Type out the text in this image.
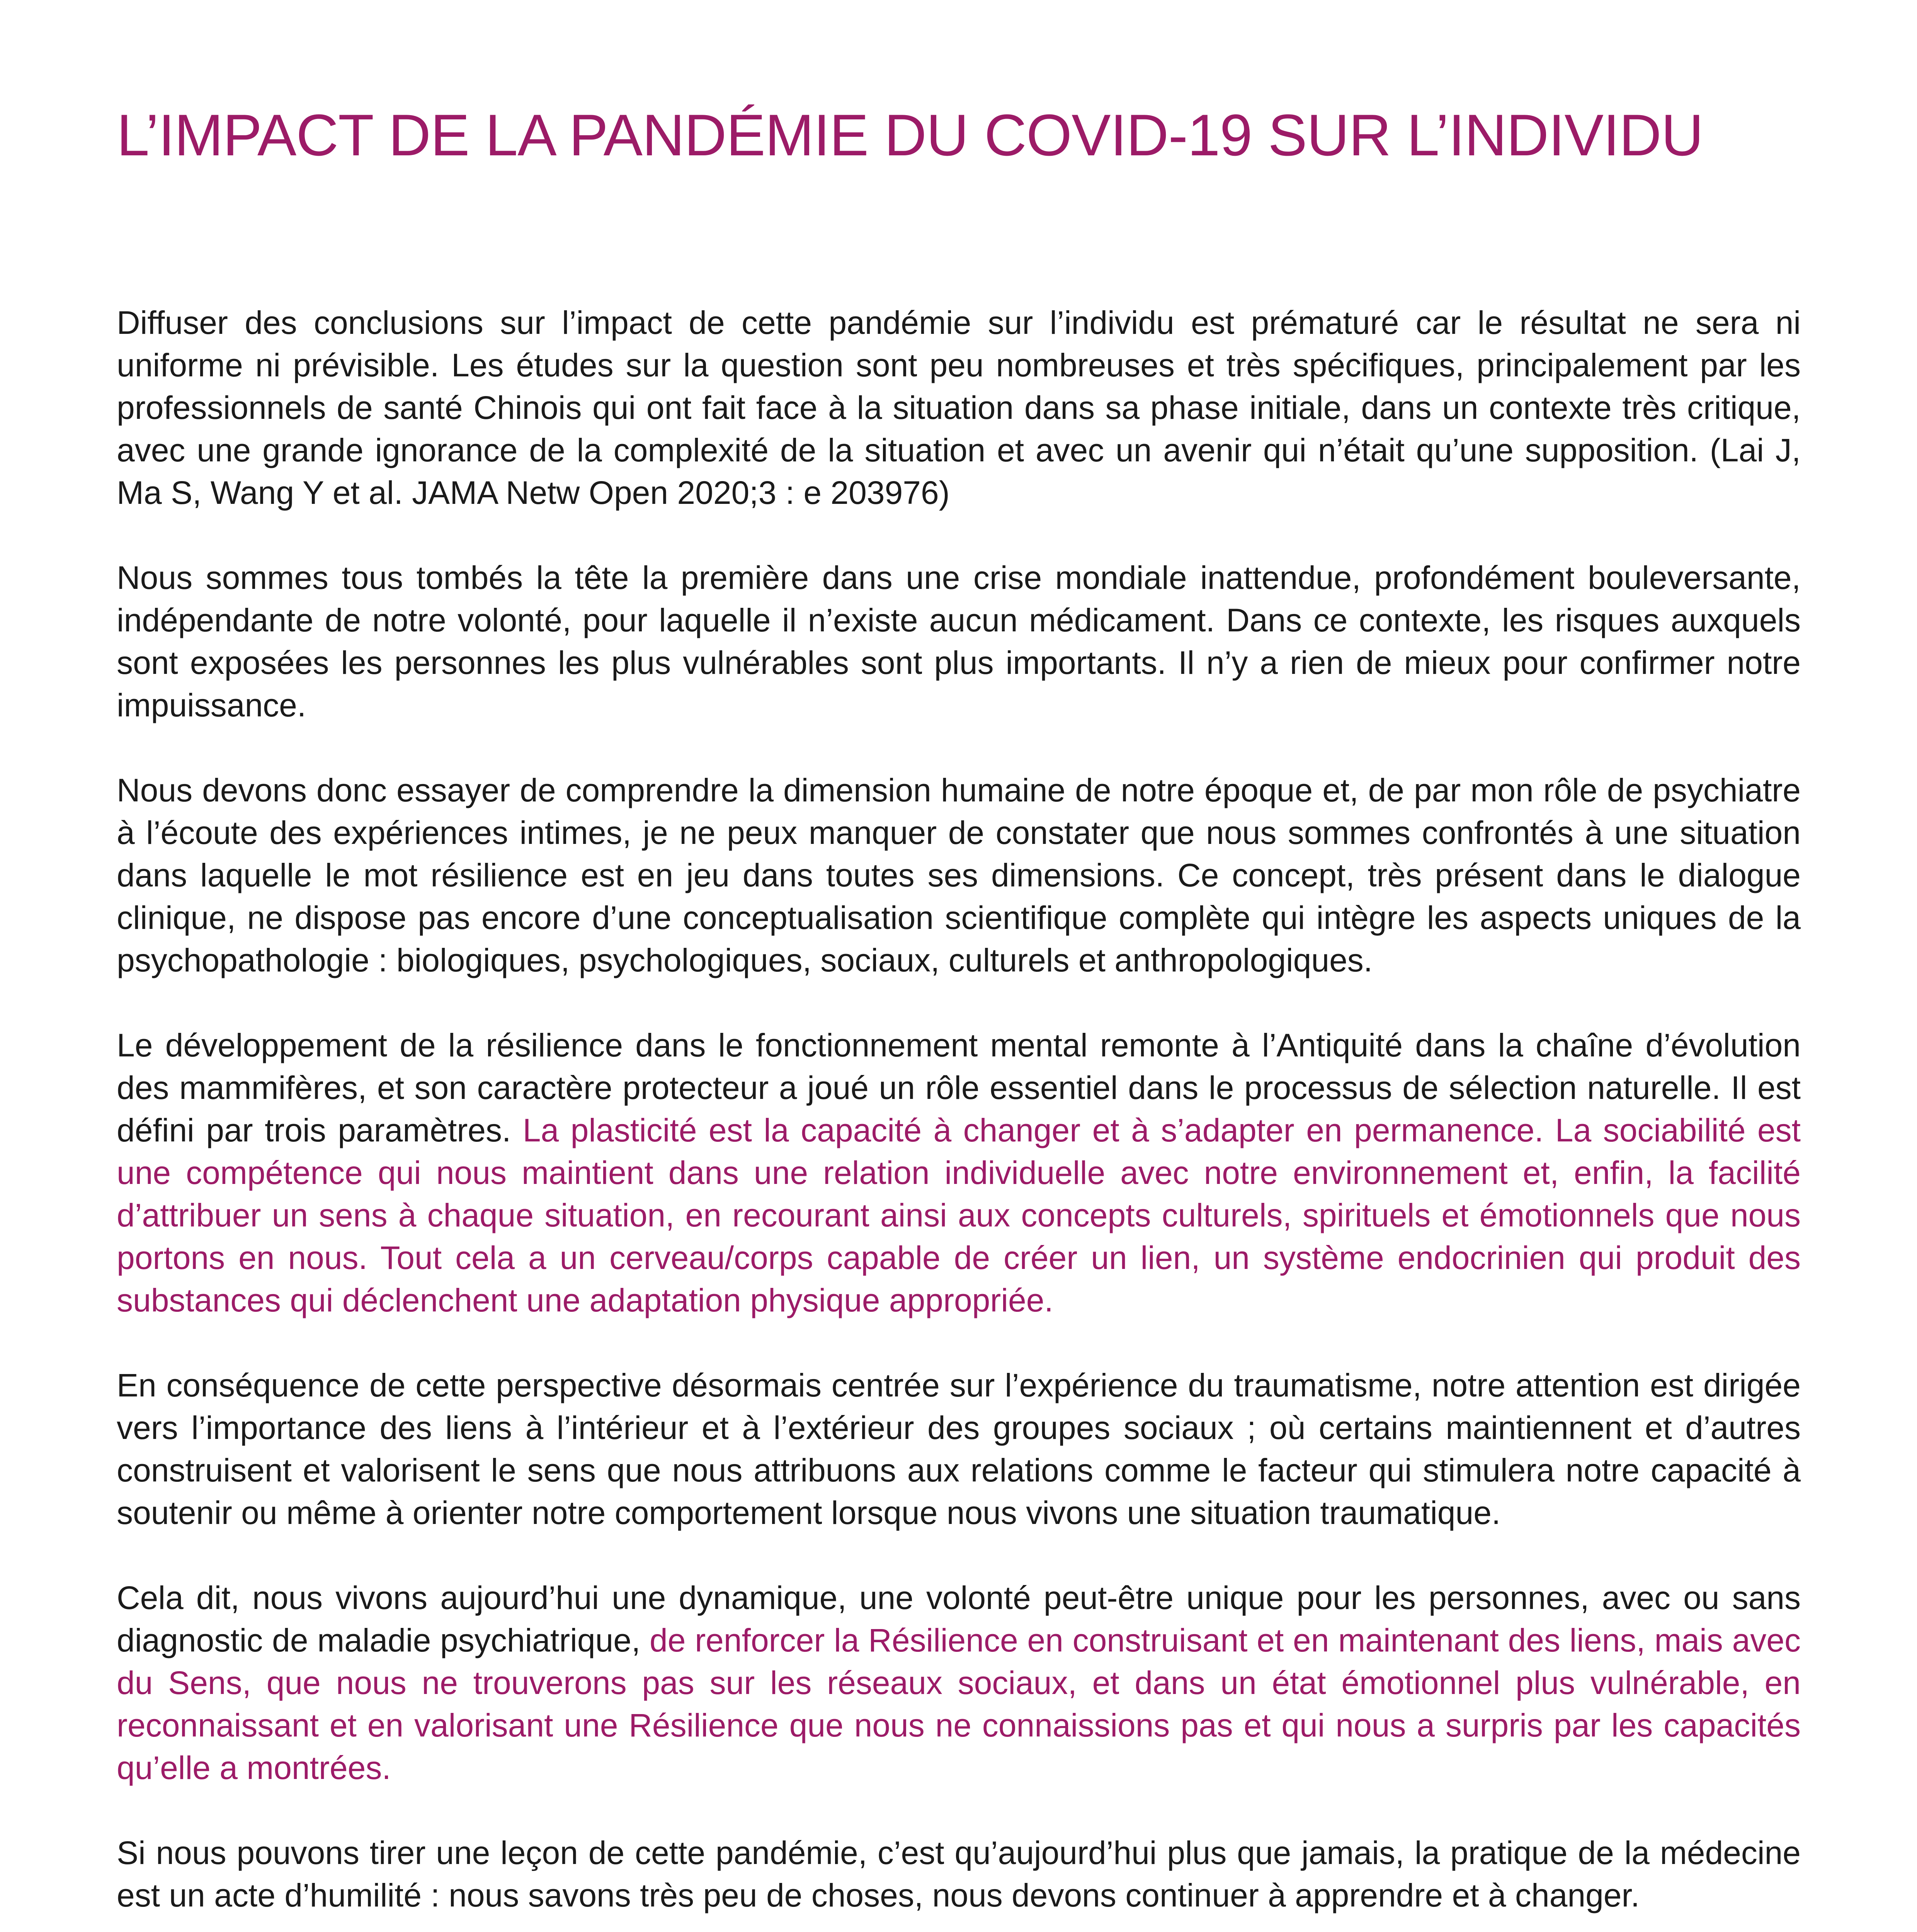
L’IMPACT DE LA PANDÉMIE DU COVID-19 SUR L’INDIVIDU

Diffuser des conclusions sur l’impact de cette pandémie sur l’individu est prématuré car le résultat ne sera ni uniforme ni prévisible. Les études sur la question sont peu nombreuses et très spécifiques, principalement par les professionnels de santé Chinois qui ont fait face à la situation dans sa phase initiale, dans un contexte très critique, avec une grande ignorance de la complexité de la situation et avec un avenir qui n’était qu’une supposition. (Lai J, Ma S, Wang Y et al. JAMA Netw Open 2020;3 : e 203976)

Nous sommes tous tombés la tête la première dans une crise mondiale inattendue, profondément bouleversante, indépendante de notre volonté, pour laquelle il n’existe aucun médicament. Dans ce contexte, les risques auxquels sont exposées les personnes les plus vulnérables sont plus importants. Il n’y a rien de mieux pour confirmer notre impuissance.

Nous devons donc essayer de comprendre la dimension humaine de notre époque et, de par mon rôle de psychiatre à l’écoute des expériences intimes, je ne peux manquer de constater que nous sommes confrontés à une situation dans laquelle le mot résilience est en jeu dans toutes ses dimensions. Ce concept, très présent dans le dialogue clinique, ne dispose pas encore d’une conceptualisation scientifique complète qui intègre les aspects uniques de la psychopathologie : biologiques, psychologiques, sociaux, culturels et anthropologiques.

Le développement de la résilience dans le fonctionnement mental remonte à l’Antiquité dans la chaîne d’évolution des mammifères, et son caractère protecteur a joué un rôle essentiel dans le processus de sélection naturelle. Il est défini par trois paramètres. La plasticité est la capacité à changer et à s’adapter en permanence. La sociabilité est une compétence qui nous maintient dans une relation individuelle avec notre environnement et, enfin, la facilité d’attribuer un sens à chaque situation, en recourant ainsi aux concepts culturels, spirituels et émotionnels que nous portons en nous. Tout cela a un cerveau/corps capable de créer un lien, un système endocrinien qui produit des substances qui déclenchent une adaptation physique appropriée.

En conséquence de cette perspective désormais centrée sur l’expérience du traumatisme, notre attention est dirigée vers l’importance des liens à l’intérieur et à l’extérieur des groupes sociaux ; où certains maintiennent et d’autres construisent et valorisent le sens que nous attribuons aux relations comme le facteur qui stimulera notre capacité à soutenir ou même à orienter notre comportement lorsque nous vivons une situation traumatique.

Cela dit, nous vivons aujourd’hui une dynamique, une volonté peut-être unique pour les personnes, avec ou sans diagnostic de maladie psychiatrique, de renforcer la Résilience en construisant et en maintenant des liens, mais avec du Sens, que nous ne trouverons pas sur les réseaux sociaux, et dans un état émotionnel plus vulnérable, en reconnaissant et en valorisant une Résilience que nous ne connaissions pas et qui nous a surpris par les capacités qu’elle a montrées.

Si nous pouvons tirer une leçon de cette pandémie, c’est qu’aujourd’hui plus que jamais, la pratique de la médecine est un acte d’humilité : nous savons très peu de choses, nous devons continuer à apprendre et à changer.
